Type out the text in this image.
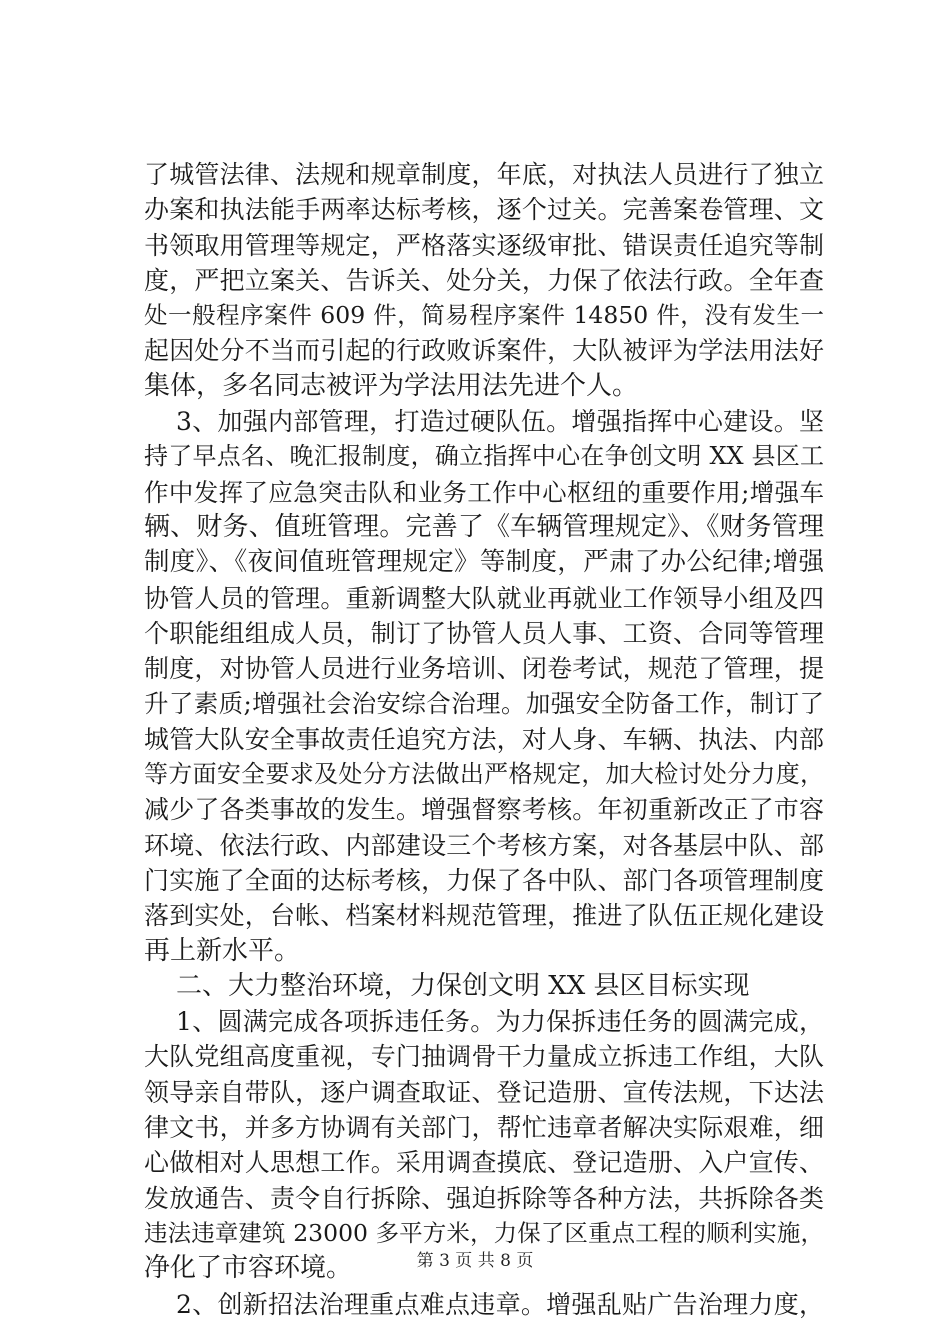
了城管法律、法规和规章制度，年底，对执法人员进行了独立
办案和执法能手两率达标考核，逐个过关。完善案卷管理、文
书领取用管理等规定，严格落实逐级审批、错误责任追究等制
度，严把立案关、告诉关、处分关，力保了依法行政。全年查
处一般程序案件 609 件，简易程序案件 14850 件，没有发生一
起因处分不当而引起的行政败诉案件，大队被评为学法用法好
集体，多名同志被评为学法用法先进个人。
3、加强内部管理，打造过硬队伍。增强指挥中心建设。坚
持了早点名、晚汇报制度，确立指挥中心在争创文明 XX 县区工
作中发挥了应急突击队和业务工作中心枢纽的重要作用;增强车
辆、财务、值班管理。完善了《车辆管理规定》、《财务管理
制度》、《夜间值班管理规定》等制度，严肃了办公纪律;增强
协管人员的管理。重新调整大队就业再就业工作领导小组及四
个职能组组成人员，制订了协管人员人事、工资、合同等管理
制度，对协管人员进行业务培训、闭卷考试，规范了管理，提
升了素质;增强社会治安综合治理。加强安全防备工作，制订了
城管大队安全事故责任追究方法，对人身、车辆、执法、内部
等方面安全要求及处分方法做出严格规定，加大检讨处分力度，
减少了各类事故的发生。增强督察考核。年初重新改正了市容
环境、依法行政、内部建设三个考核方案，对各基层中队、部
门实施了全面的达标考核，力保了各中队、部门各项管理制度
落到实处，台帐、档案材料规范管理，推进了队伍正规化建设
再上新水平。
二、大力整治环境，力保创文明 XX 县区目标实现
1、圆满完成各项拆违任务。为力保拆违任务的圆满完成，
大队党组高度重视，专门抽调骨干力量成立拆违工作组，大队
领导亲自带队，逐户调查取证、登记造册、宣传法规，下达法
律文书，并多方协调有关部门，帮忙违章者解决实际艰难，细
心做相对人思想工作。采用调查摸底、登记造册、入户宣传、
发放通告、责令自行拆除、强迫拆除等各种方法，共拆除各类
违法违章建筑 23000 多平方米，力保了区重点工程的顺利实施，
净化了市容环境。
2、创新招法治理重点难点违章。增强乱贴广告治理力度，
第 3 页 共 8 页
